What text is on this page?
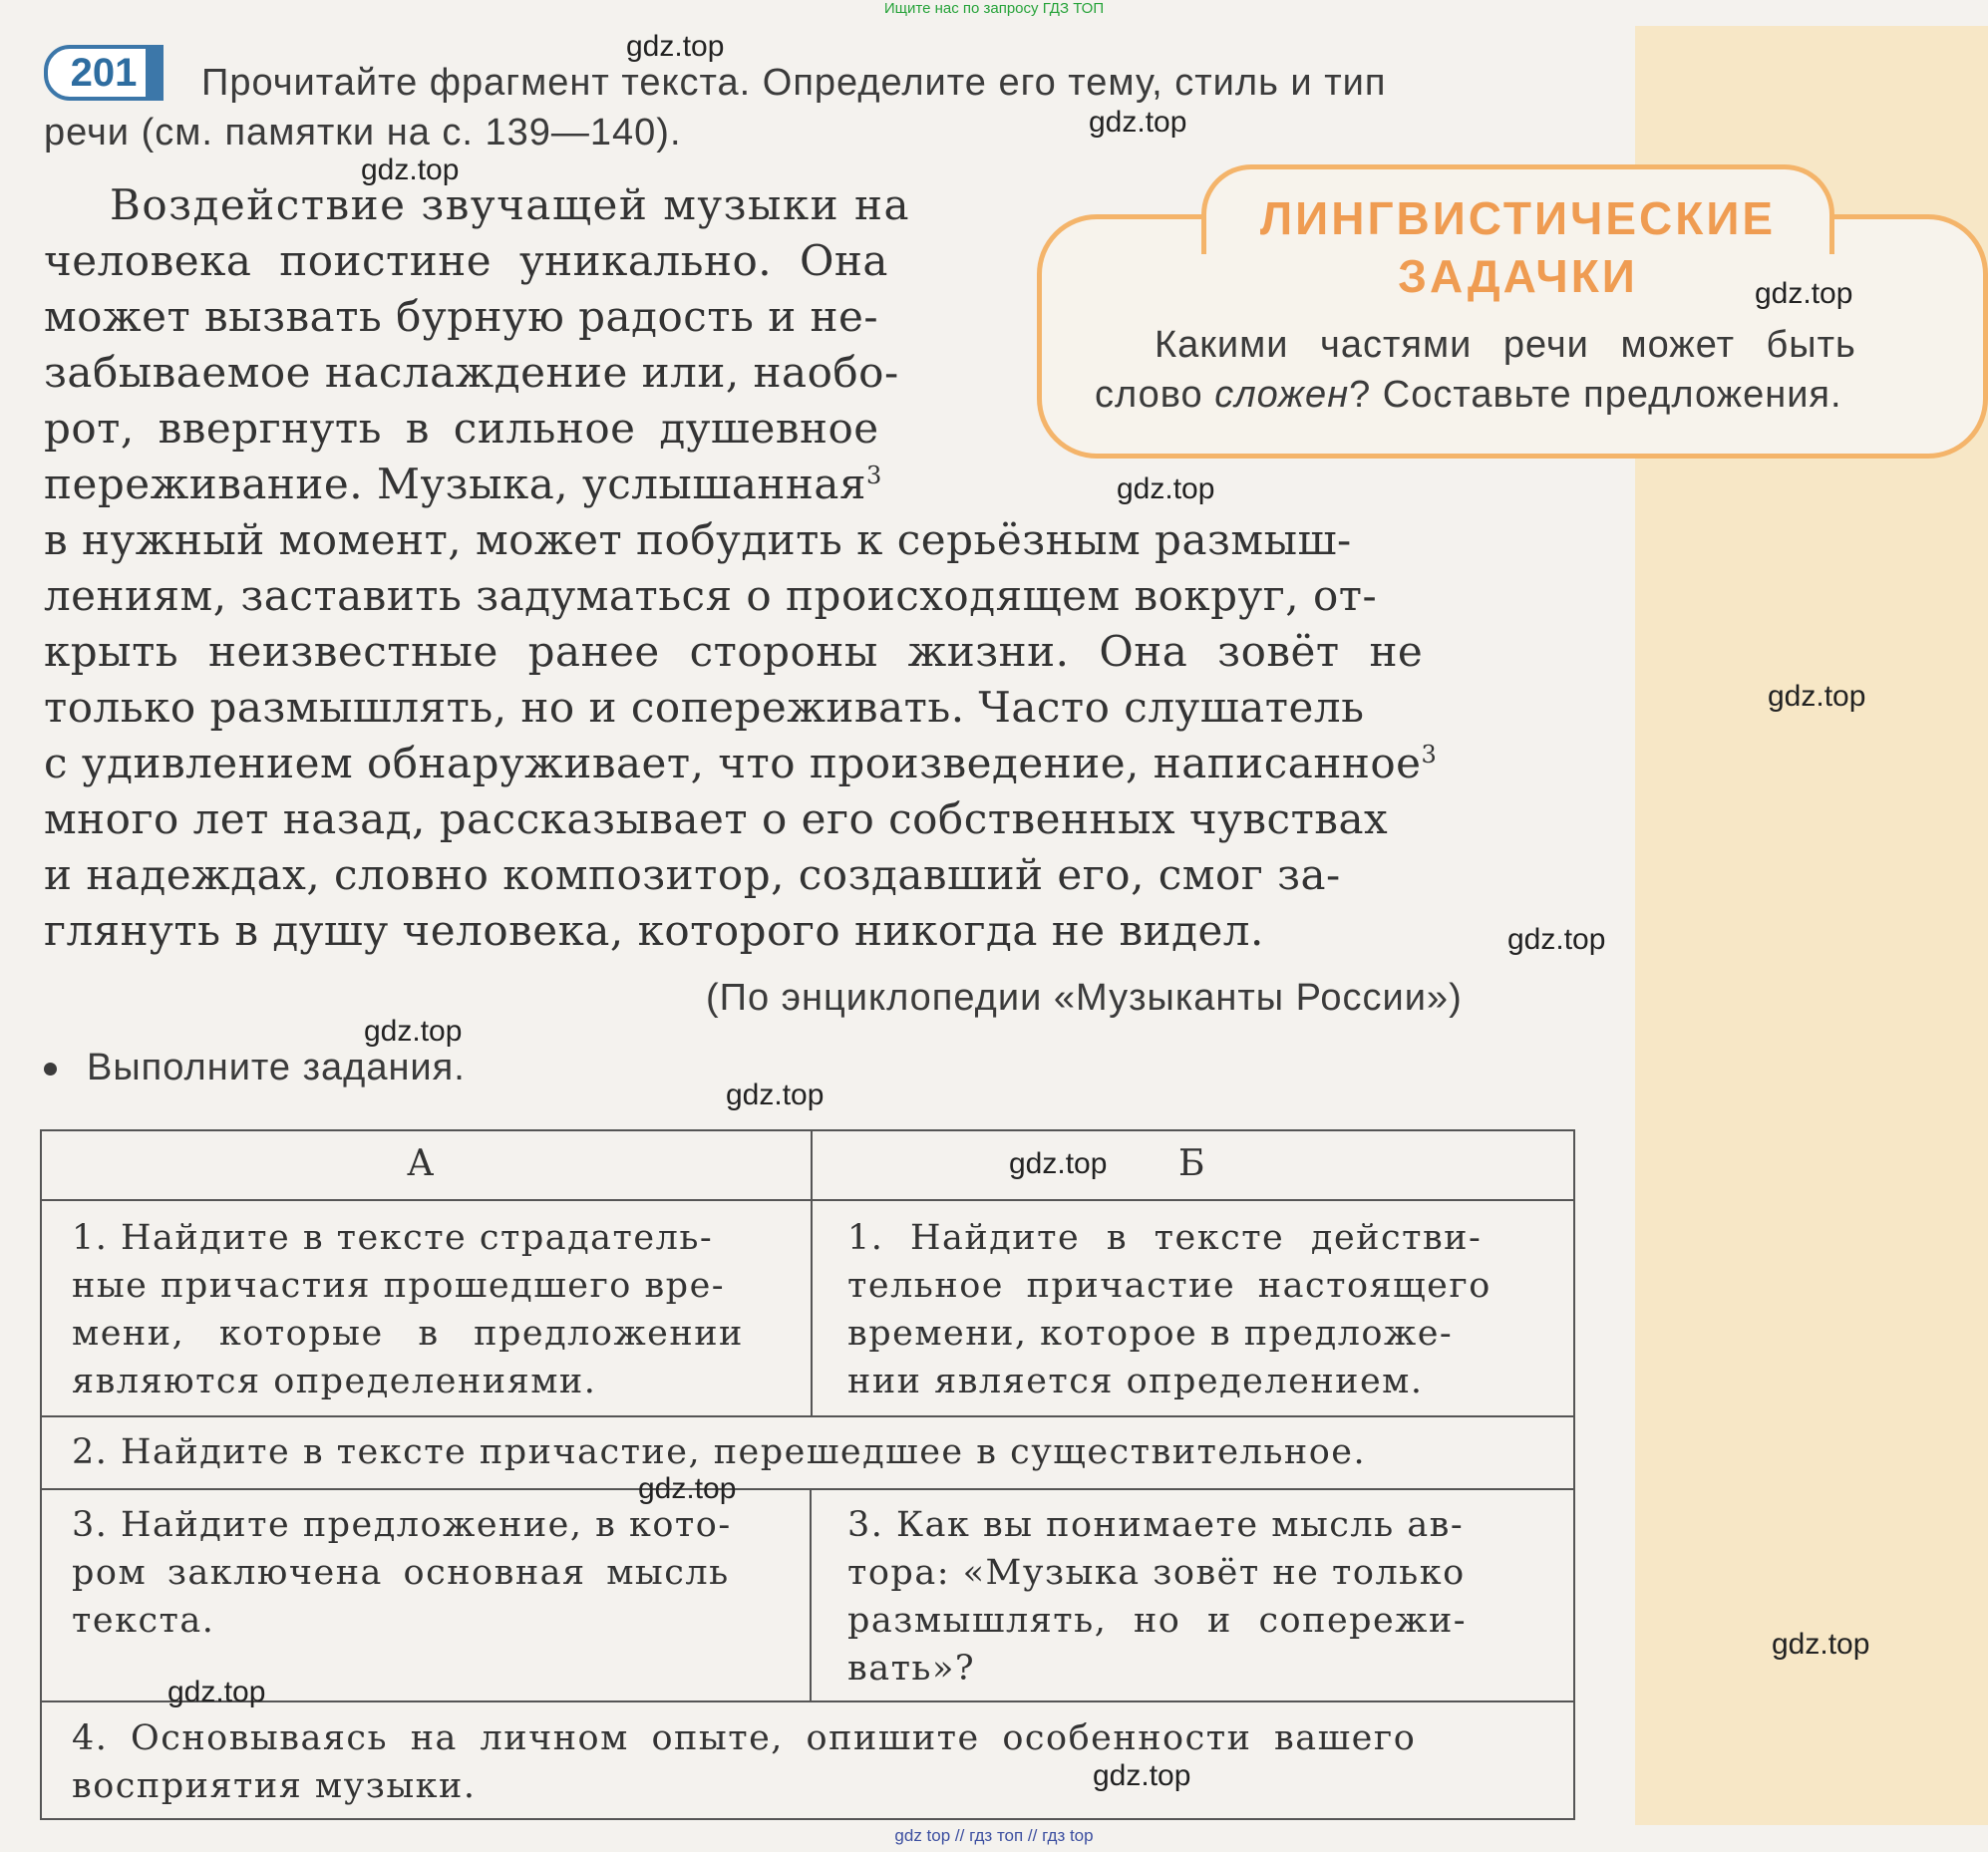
Ищите нас по запросу ГДЗ ТОП
201	Прочитайте фрагмент текста. Определите его тему, стиль и тип
речи (см. памятки на с. 139—140).
Воздействие звучащей музыки на
человека поистине уникально. Она
может вызвать бурную радость и не-
забываемое наслаждение или, наобо-
рот, ввергнуть в сильное душевное
переживание. Музыка, услышанная$^3$
в нужный момент, может побудить к серьёзным размыш-
лениям, заставить задуматься о происходящем вокруг, от-
крыть неизвестные ранее стороны жизни. Она зовёт не
только размышлять, но и сопереживать. Часто слушатель
с удивлением обнаруживает, что произведение, написанное$^3$
много лет назад, рассказывает о его собственных чувствах
и надеждах, словно композитор, создавший его, смог за-
глянуть в душу человека, которого никогда не видел.
(По энциклопедии «Музыканты России»)
Выполните задания.
ЛИНГВИСТИЧЕСКИЕ
ЗАДАЧКИ
Какими частями речи может быть
слово сложен? Составьте предложения.
А	Б
1. Найдите в тексте страдатель-
ные причастия прошедшего вре-
мени, которые в предложении
являются определениями.
1. Найдите в тексте действи-
тельное причастие настоящего
времени, которое в предложе-
нии является определением.
2. Найдите в тексте причастие, перешедшее в существительное.
3. Найдите предложение, в кото-
ром заключена основная мысль
текста.
3. Как вы понимаете мысль ав-
тора: «Музыка зовёт не только
размышлять, но и сопережи-
вать»?
4. Основываясь на личном опыте, опишите особенности вашего
восприятия музыки.
gdz.top
gdz.top
gdz.top
gdz.top
gdz.top
gdz.top
gdz.top
gdz.top
gdz.top
gdz.top
gdz.top
gdz.top
gdz.top
gdz.top
gdz top // гдз топ // гдз top
